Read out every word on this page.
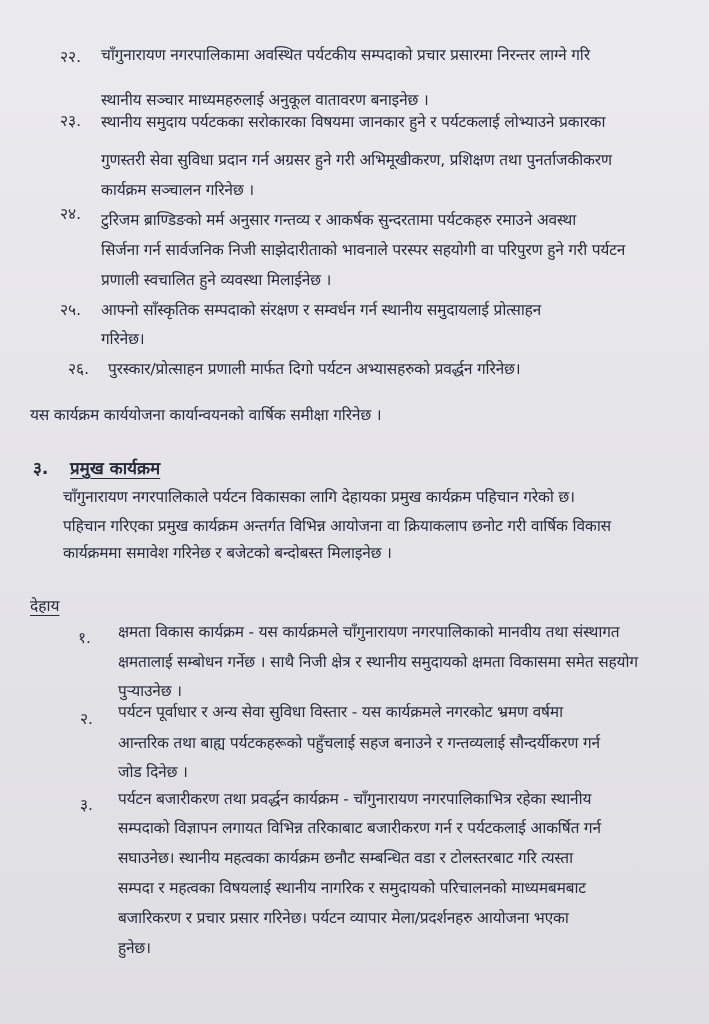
२२. चाँगुनारायण नगरपालिकामा अवस्थित पर्यटकीय सम्पदाको प्रचार प्रसारमा निरन्तर लाग्ने गरि
स्थानीय सञ्चार माध्यमहरुलाई अनुकूल वातावरण बनाइनेछ ।
२३. स्थानीय समुदाय पर्यटकका सरोकारका विषयमा जानकार हुने र पर्यटकलाई लोभ्याउने प्रकारका
गुणस्तरी सेवा सुविधा प्रदान गर्न अग्रसर हुने गरी अभिमूखीकरण, प्रशिक्षण तथा पुनर्ताजकीकरण
कार्यक्रम सञ्चालन गरिनेछ ।
२४. टुरिजम ब्राण्डिङको मर्म अनुसार गन्तव्य र आकर्षक सुन्दरतामा पर्यटकहरु रमाउने अवस्था
सिर्जना गर्न सार्वजनिक निजी साझेदारीताको भावनाले परस्पर सहयोगी वा परिपुरण हुने गरी पर्यटन
प्रणाली स्वचालित हुने व्यवस्था मिलाईनेछ ।
२५. आफ्नो साँस्कृतिक सम्पदाको संरक्षण र सम्वर्धन गर्न स्थानीय समुदायलाई प्रोत्साहन
गरिनेछ।
२६. पुरस्कार/प्रोत्साहन प्रणाली मार्फत दिगो पर्यटन अभ्यासहरुको प्रवर्द्धन गरिनेछ।
यस कार्यक्रम कार्ययोजना कार्यान्वयनको वार्षिक समीक्षा गरिनेछ ।
३. प्रमुख कार्यक्रम
चाँगुनारायण नगरपालिकाले पर्यटन विकासका लागि देहायका प्रमुख कार्यक्रम पहिचान गरेको छ।
पहिचान गरिएका प्रमुख कार्यक्रम अन्तर्गत विभिन्न आयोजना वा क्रियाकलाप छनोट गरी वार्षिक विकास
कार्यक्रममा समावेश गरिनेछ र बजेटको बन्दोबस्त मिलाइनेछ ।
देहाय
१. क्षमता विकास कार्यक्रम - यस कार्यक्रमले चाँगुनारायण नगरपालिकाको मानवीय तथा संस्थागत
क्षमतालाई सम्बोधन गर्नेछ । साथै निजी क्षेत्र र स्थानीय समुदायको क्षमता विकासमा समेत सहयोग
पुर्‍याउनेछ ।
२. पर्यटन पूर्वाधार र अन्य सेवा सुविधा विस्तार - यस कार्यक्रमले नगरकोट भ्रमण वर्षमा
आन्तरिक तथा बाह्य पर्यटकहरूको पहुँचलाई सहज बनाउने र गन्तव्यलाई सौन्दर्यीकरण गर्न
जोड दिनेछ ।
३. पर्यटन बजारीकरण तथा प्रवर्द्धन कार्यक्रम - चाँगुनारायण नगरपालिकाभित्र रहेका स्थानीय
सम्पदाको विज्ञापन लगायत विभिन्न तरिकाबाट बजारीकरण गर्न र पर्यटकलाई आकर्षित गर्न
सघाउनेछ। स्थानीय महत्वका कार्यक्रम छनौट सम्बन्धित वडा र टोलस्तरबाट गरि त्यस्ता
सम्पदा र महत्वका विषयलाई स्थानीय नागरिक र समुदायको परिचालनको माध्यमबमबाट
बजारिकरण र प्रचार प्रसार गरिनेछ। पर्यटन व्यापार मेला/प्रदर्शनहरु आयोजना भएका
हुनेछ।
